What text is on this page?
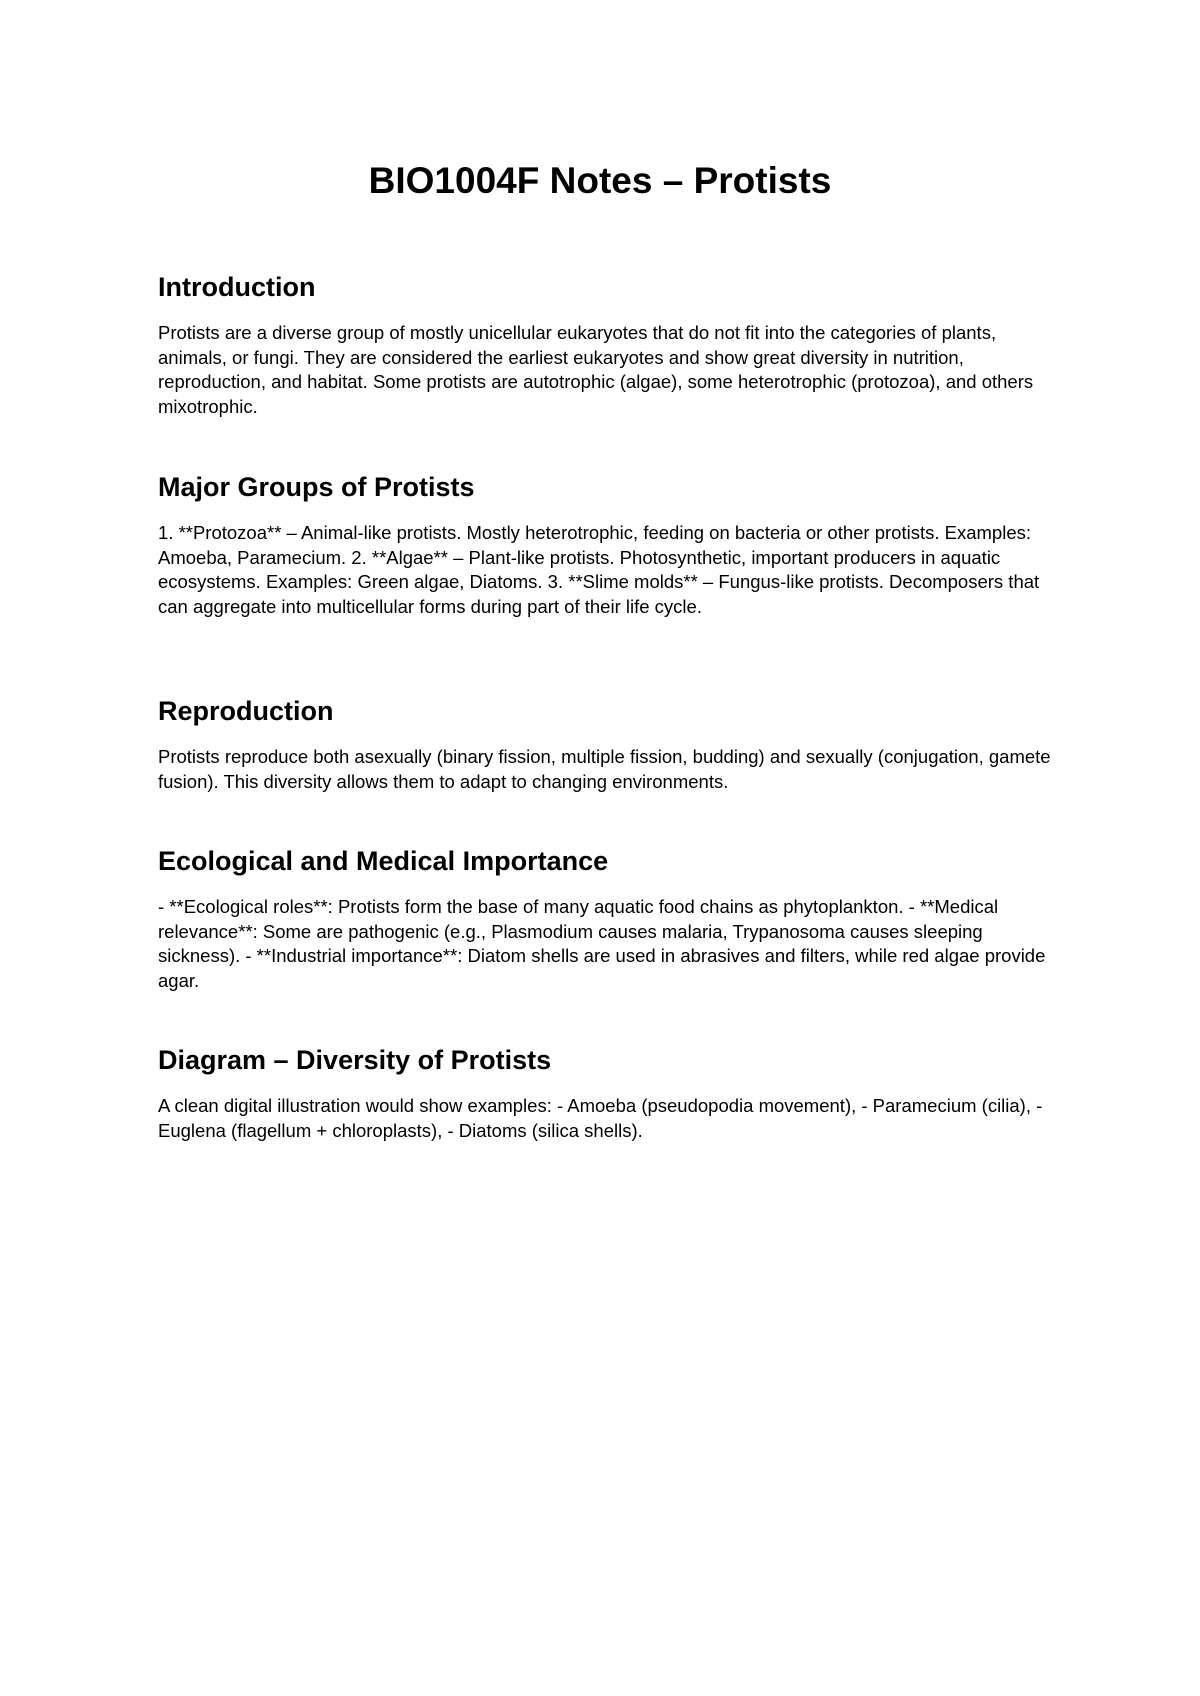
BIO1004F Notes – Protists
Introduction

Protists are a diverse group of mostly unicellular eukaryotes that do not fit into the categories of plants, animals, or fungi. They are considered the earliest eukaryotes and show great diversity in nutrition, reproduction, and habitat. Some protists are autotrophic (algae), some heterotrophic (protozoa), and others mixotrophic.

Major Groups of Protists

1. **Protozoa** – Animal-like protists. Mostly heterotrophic, feeding on bacteria or other protists. Examples: Amoeba, Paramecium. 2. **Algae** – Plant-like protists. Photosynthetic, important producers in aquatic ecosystems. Examples: Green algae, Diatoms. 3. **Slime molds** – Fungus-like protists. Decomposers that can aggregate into multicellular forms during part of their life cycle.

Reproduction

Protists reproduce both asexually (binary fission, multiple fission, budding) and sexually (conjugation, gamete fusion). This diversity allows them to adapt to changing environments.

Ecological and Medical Importance

- **Ecological roles**: Protists form the base of many aquatic food chains as phytoplankton. - **Medical relevance**: Some are pathogenic (e.g., Plasmodium causes malaria, Trypanosoma causes sleeping sickness). - **Industrial importance**: Diatom shells are used in abrasives and filters, while red algae provide agar.

Diagram – Diversity of Protists

A clean digital illustration would show examples: - Amoeba (pseudopodia movement), - Paramecium (cilia), - Euglena (flagellum + chloroplasts), - Diatoms (silica shells).
